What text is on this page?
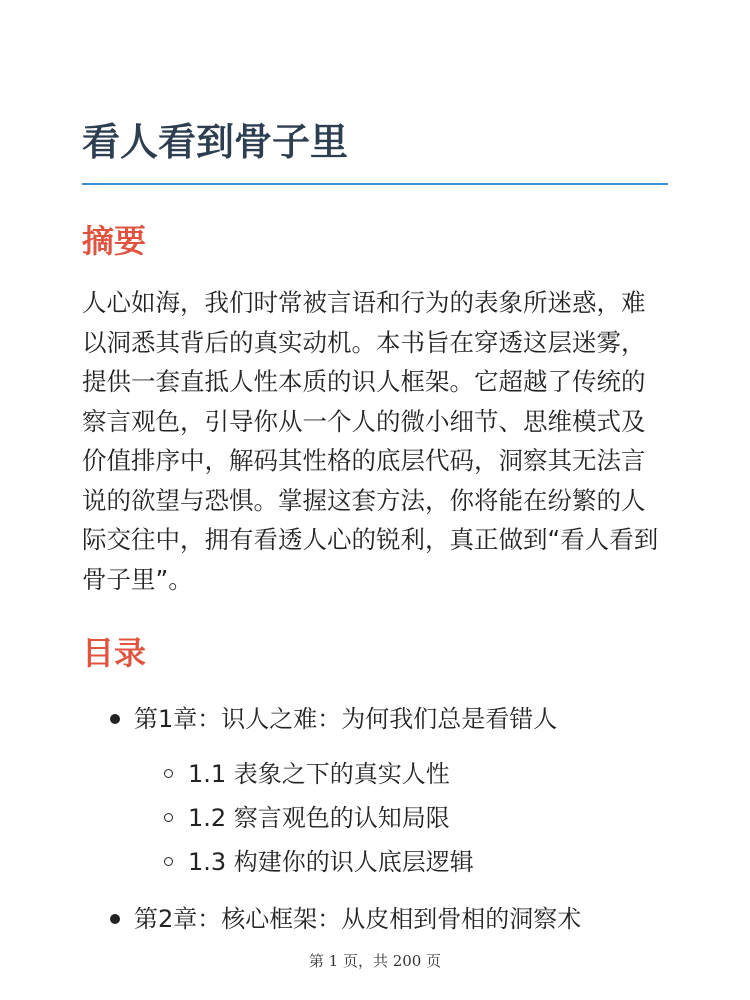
看人看到骨子里
摘要

人心如海，我们时常被言语和行为的表象所迷惑，难以洞悉其背后的真实动机。本书旨在穿透这层迷雾，提供一套直抵人性本质的识人框架。它超越了传统的察言观色，引导你从一个人的微小细节、思维模式及价值排序中，解码其性格的底层代码，洞察其无法言说的欲望与恐惧。掌握这套方法，你将能在纷繁的人际交往中，拥有看透人心的锐利，真正做到“看人看到骨子里”。

目录
第1章：识人之难：为何我们总是看错人
1.1 表象之下的真实人性
1.2 察言观色的认知局限
1.3 构建你的识人底层逻辑
第2章：核心框架：从皮相到骨相的洞察术
第 1 页，共 200 页
